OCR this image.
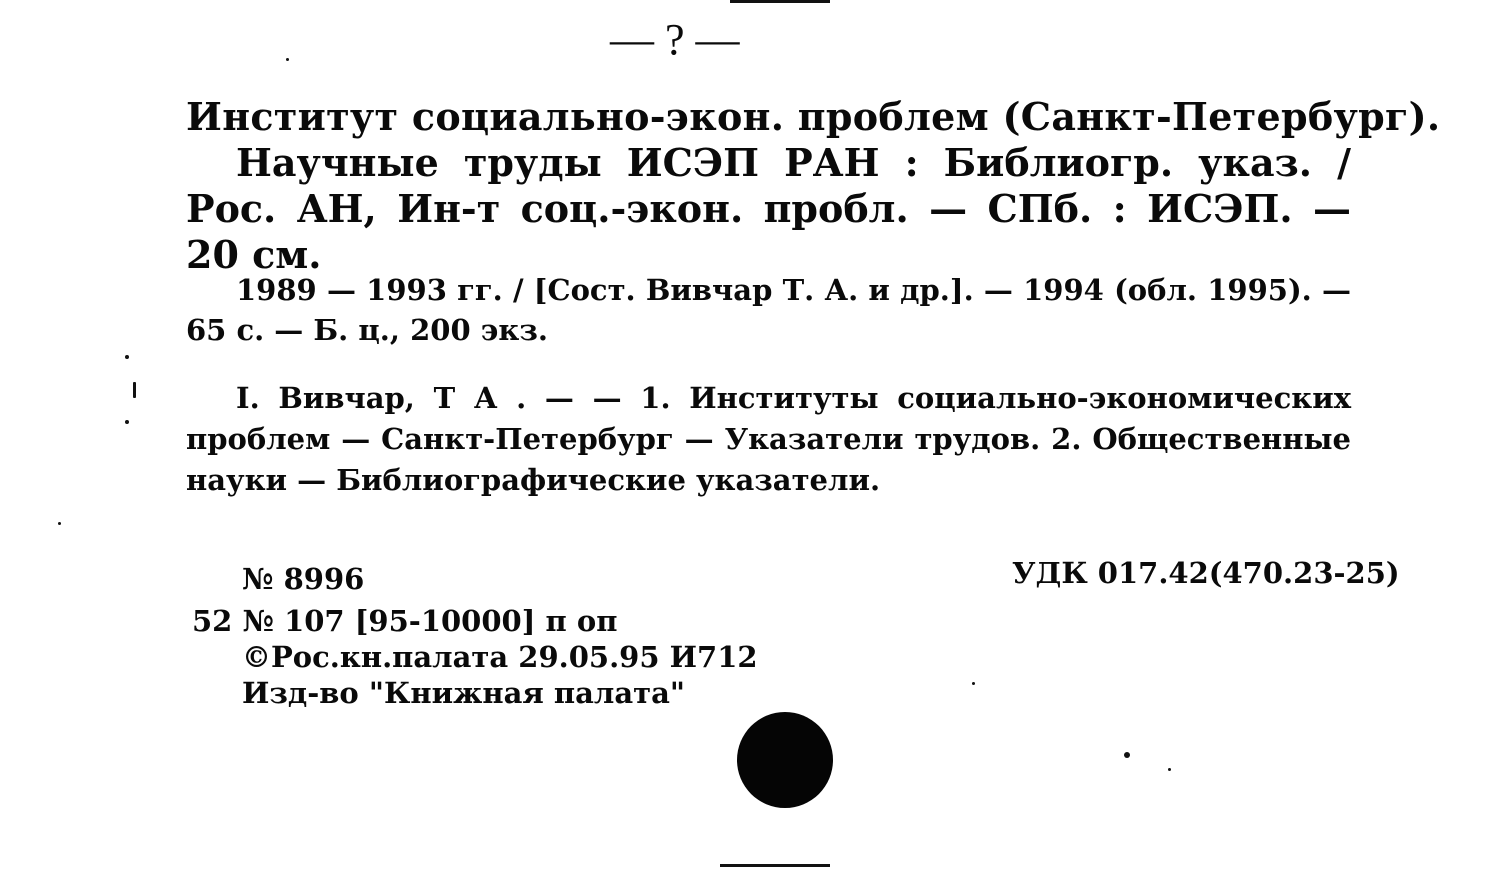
— ? —
Институт социально-экон. проблем (Санкт-Петербург).
Научные труды ИСЭП РАН : Библиогр. указ. / Рос. АН, Ин-т соц.-экон. пробл. — СПб. : ИСЭП. — 20 см.
1989 — 1993 гг. / [Сост. Вивчар Т. А. и др.]. — 1994 (обл. 1995). — 65 с. — Б. ц., 200 экз.
I. Вивчар, Т А . — — 1. Институты социально-экономических проблем — Санкт-Петербург — Указатели трудов. 2. Общественные науки — Библиографические указатели.
№ 8996	УДК 017.42(470.23-25)
52 № 107 [95-10000] п оп
©Рос.кн.палата 29.05.95 И712
Изд-во "Книжная палата"
